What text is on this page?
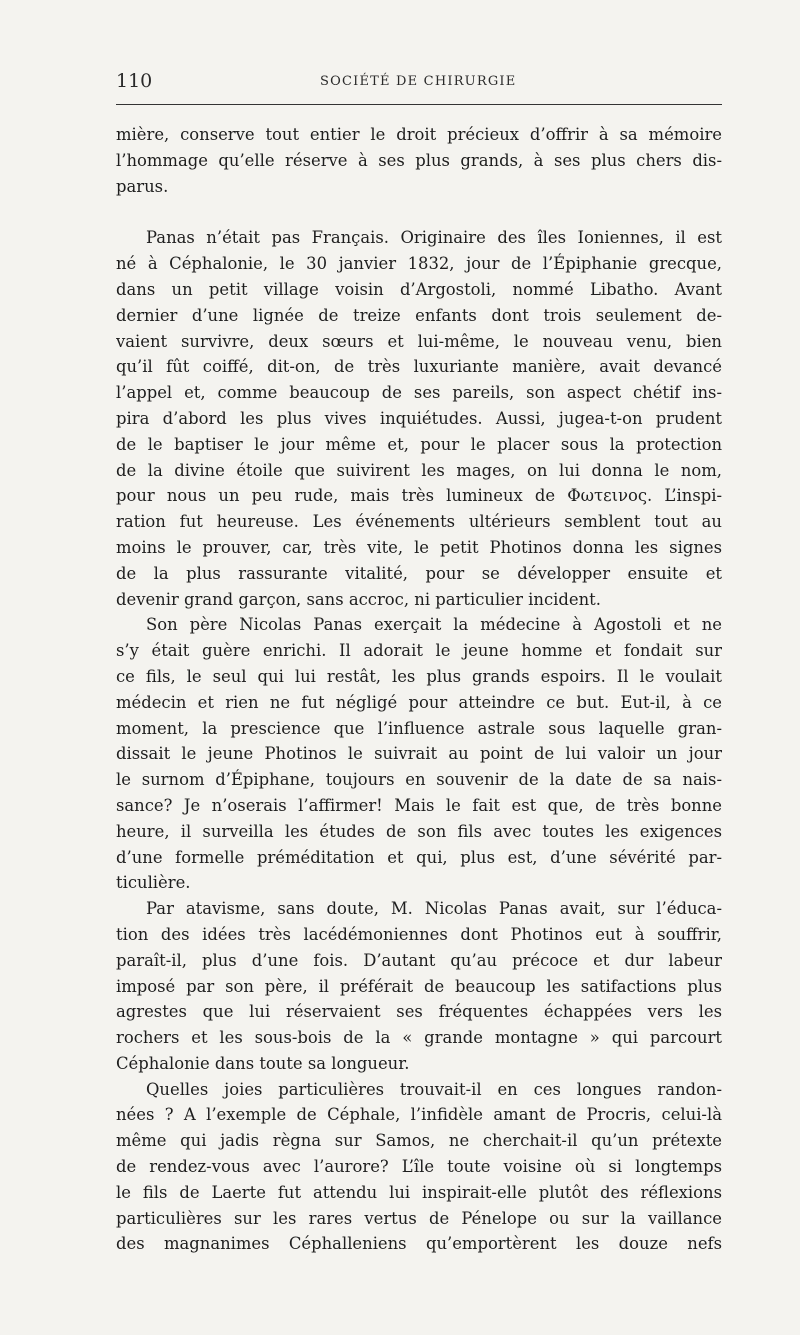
110	SOCIÉTÉ DE CHIRURGIE
mière, conserve tout entier le droit précieux d’offrir à sa mémoire
l’hommage qu’elle réserve à ses plus grands, à ses plus chers dis-
parus.
Panas n’était pas Français. Originaire des îles Ioniennes, il est
né à Céphalonie, le 30 janvier 1832, jour de l’Épiphanie grecque,
dans un petit village voisin d’Argostoli, nommé Libatho. Avant
dernier d’une lignée de treize enfants dont trois seulement de-
vaient survivre, deux sœurs et lui-même, le nouveau venu, bien
qu’il fût coiffé, dit-on, de très luxuriante manière, avait devancé
l’appel et, comme beaucoup de ses pareils, son aspect chétif ins-
pira d’abord les plus vives inquiétudes. Aussi, jugea-t-on prudent
de le baptiser le jour même et, pour le placer sous la protection
de la divine étoile que suivirent les mages, on lui donna le nom,
pour nous un peu rude, mais très lumineux de Φωτεινος. L’inspi-
ration fut heureuse. Les événements ultérieurs semblent tout au
moins le prouver, car, très vite, le petit Photinos donna les signes
de la plus rassurante vitalité, pour se développer ensuite et
devenir grand garçon, sans accroc, ni particulier incident.
Son père Nicolas Panas exerçait la médecine à Agostoli et ne
s’y était guère enrichi. Il adorait le jeune homme et fondait sur
ce fils, le seul qui lui restât, les plus grands espoirs. Il le voulait
médecin et rien ne fut négligé pour atteindre ce but. Eut-il, à ce
moment, la prescience que l’influence astrale sous laquelle gran-
dissait le jeune Photinos le suivrait au point de lui valoir un jour
le surnom d’Épiphane, toujours en souvenir de la date de sa nais-
sance? Je n’oserais l’affirmer! Mais le fait est que, de très bonne
heure, il surveilla les études de son fils avec toutes les exigences
d’une formelle préméditation et qui, plus est, d’une sévérité par-
ticulière.
Par atavisme, sans doute, M. Nicolas Panas avait, sur l’éduca-
tion des idées très lacédémoniennes dont Photinos eut à souffrir,
paraît-il, plus d’une fois. D’autant qu’au précoce et dur labeur
imposé par son père, il préférait de beaucoup les satifactions plus
agrestes que lui réservaient ses fréquentes échappées vers les
rochers et les sous-bois de la « grande montagne » qui parcourt
Céphalonie dans toute sa longueur.
Quelles joies particulières trouvait-il en ces longues randon-
nées ? A l’exemple de Céphale, l’infidèle amant de Procris, celui-là
même qui jadis règna sur Samos, ne cherchait-il qu’un prétexte
de rendez-vous avec l’aurore? L’île toute voisine où si longtemps
le fils de Laerte fut attendu lui inspirait-elle plutôt des réflexions
particulières sur les rares vertus de Pénelope ou sur la vaillance
des magnanimes Céphalleniens qu’emportèrent les douze nefs
